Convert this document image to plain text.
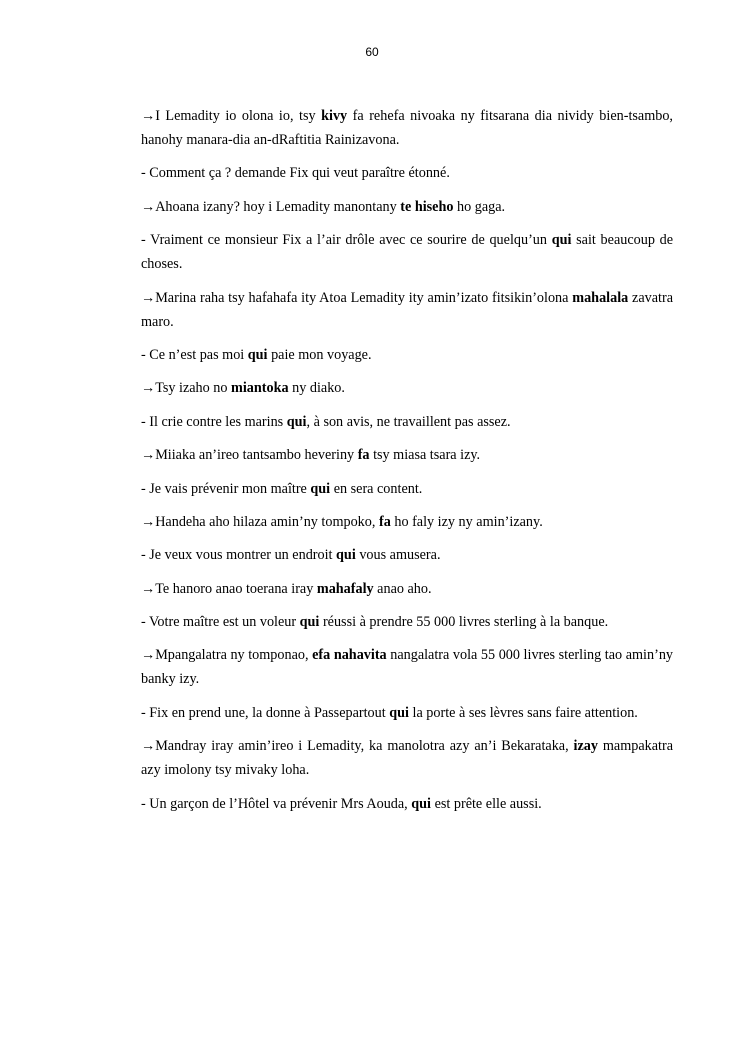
60

→I Lemadity io olona io, tsy kivy fa rehefa nivoaka ny fitsarana dia nividy bien-tsambo, hanohy manara-dia an-dRaftitia Rainizavona.

- Comment ça ? demande Fix qui veut paraître étonné.

→Ahoana izany? hoy i Lemadity manontany te hiseho ho gaga.

- Vraiment ce monsieur Fix a l’air drôle avec ce sourire de quelqu’un qui sait beaucoup de choses.

→Marina raha tsy hafahafa ity Atoa Lemadity ity amin’izato fitsikin’olona mahalala zavatra maro.

- Ce n’est pas moi qui paie mon voyage.

→Tsy izaho no miantoka ny diako.

- Il crie contre les marins qui, à son avis, ne travaillent pas assez.

→Miiaka an’ireo tantsambo heveriny fa tsy miasa tsara izy.

- Je vais prévenir mon maître qui en sera content.

→Handeha aho hilaza amin’ny tompoko, fa ho faly izy ny amin’izany.

- Je veux vous montrer un endroit qui vous amusera.

→Te hanoro anao toerana iray mahafaly anao aho.

- Votre maître est un voleur qui réussi à prendre 55 000 livres sterling à la banque.

→Mpangalatra ny tomponao, efa nahavita nangalatra vola 55 000 livres sterling tao amin’ny banky izy.

- Fix en prend une, la donne à Passepartout qui la porte à ses lèvres sans faire attention.

→Mandray iray amin’ireo i Lemadity, ka manolotra azy an’i Bekarataka, izay mampakatra azy imolony tsy mivaky loha.

- Un garçon de l’Hôtel va prévenir Mrs Aouda, qui est prête elle aussi.
